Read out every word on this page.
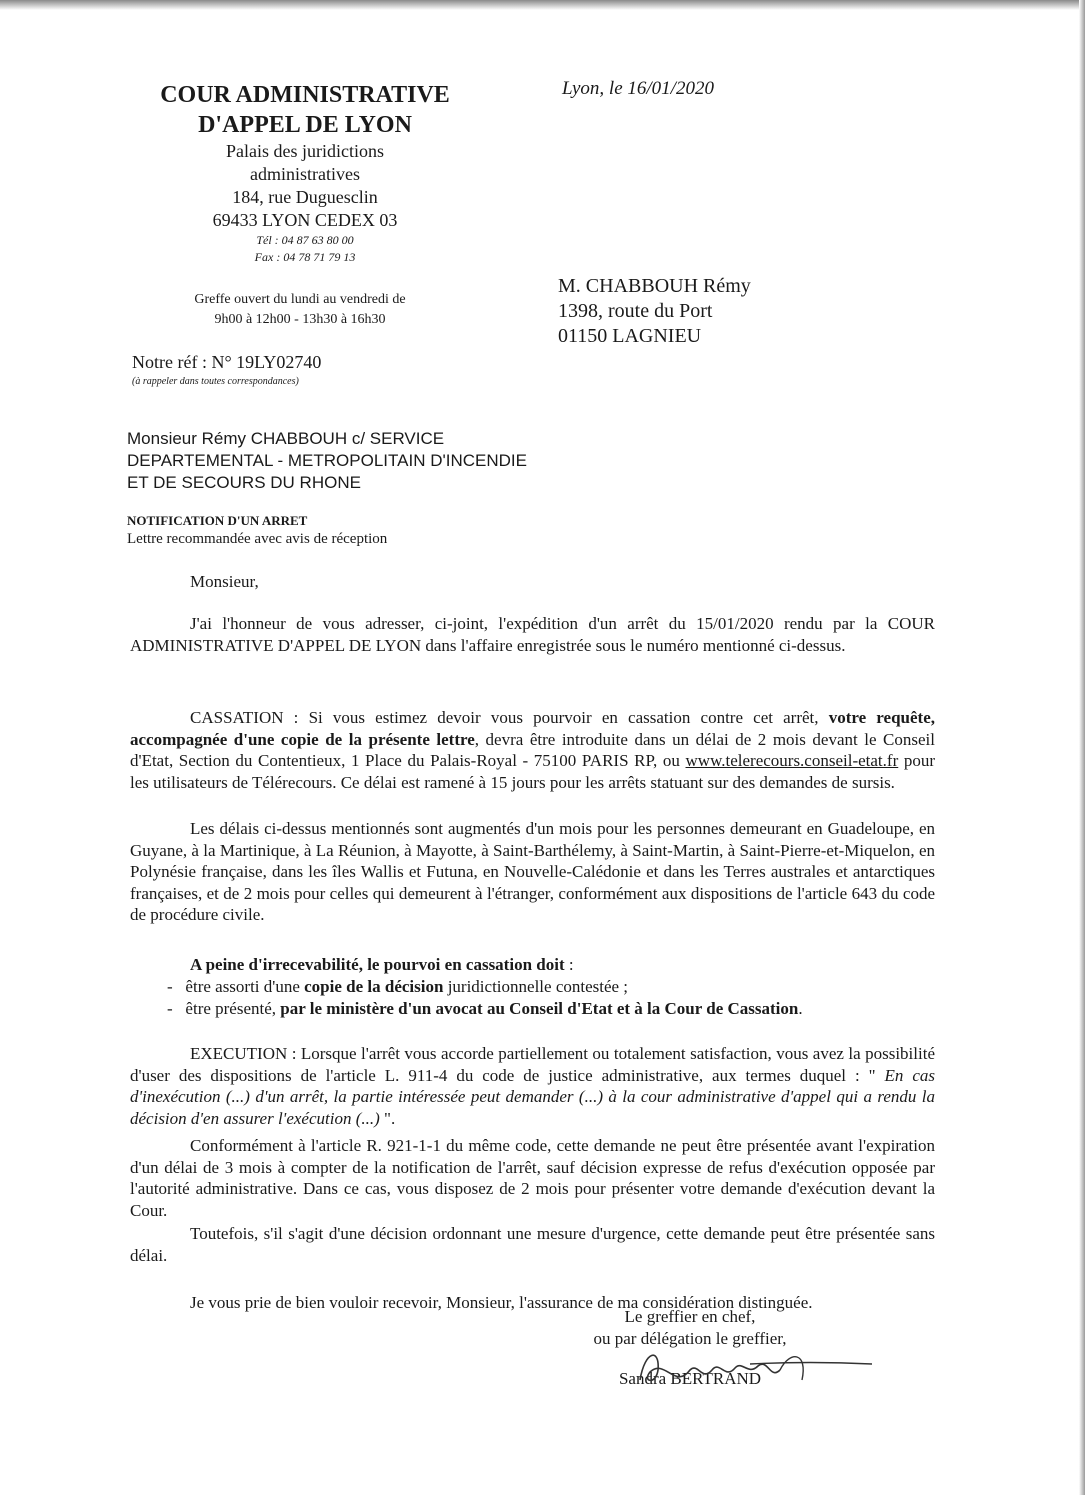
COUR ADMINISTRATIVE
D'APPEL DE LYON
Palais des juridictions
administratives
184, rue Duguesclin
69433 LYON CEDEX 03
Tél : 04 87 63 80 00
Fax : 04 78 71 79 13
Lyon, le 16/01/2020
Greffe ouvert du lundi au vendredi de
9h00 à 12h00 - 13h30 à 16h30
M. CHABBOUH Rémy
1398, route du Port
01150 LAGNIEU
Notre réf : N° 19LY02740
(à rappeler dans toutes correspondances)
Monsieur Rémy CHABBOUH c/ SERVICE
DEPARTEMENTAL - METROPOLITAIN D'INCENDIE
ET DE SECOURS DU RHONE
NOTIFICATION D'UN ARRET
Lettre recommandée avec avis de réception
Monsieur,
J'ai l'honneur de vous adresser, ci-joint, l'expédition d'un arrêt du 15/01/2020 rendu par la COUR ADMINISTRATIVE D'APPEL DE LYON dans l'affaire enregistrée sous le numéro mentionné ci-dessus.
CASSATION : Si vous estimez devoir vous pourvoir en cassation contre cet arrêt, votre requête, accompagnée d'une copie de la présente lettre, devra être introduite dans un délai de 2 mois devant le Conseil d'Etat, Section du Contentieux, 1 Place du Palais-Royal - 75100 PARIS RP, ou www.telerecours.conseil-etat.fr pour les utilisateurs de Télérecours. Ce délai est ramené à 15 jours pour les arrêts statuant sur des demandes de sursis.
Les délais ci-dessus mentionnés sont augmentés d'un mois pour les personnes demeurant en Guadeloupe, en Guyane, à la Martinique, à La Réunion, à Mayotte, à Saint-Barthélemy, à Saint-Martin, à Saint-Pierre-et-Miquelon, en Polynésie française, dans les îles Wallis et Futuna, en Nouvelle-Calédonie et dans les Terres australes et antarctiques françaises, et de 2 mois pour celles qui demeurent à l'étranger, conformément aux dispositions de l'article 643 du code de procédure civile.
A peine d'irrecevabilité, le pourvoi en cassation doit :
-   être assorti d'une copie de la décision juridictionnelle contestée ;
-   être présenté, par le ministère d'un avocat au Conseil d'Etat et à la Cour de Cassation.
EXECUTION : Lorsque l'arrêt vous accorde partiellement ou totalement satisfaction, vous avez la possibilité d'user des dispositions de l'article L. 911-4 du code de justice administrative, aux termes duquel : " En cas d'inexécution (...) d'un arrêt, la partie intéressée peut demander (...) à la cour administrative d'appel qui a rendu la décision d'en assurer l'exécution (...) ".
Conformément à l'article R. 921-1-1 du même code, cette demande ne peut être présentée avant l'expiration d'un délai de 3 mois à compter de la notification de l'arrêt, sauf décision expresse de refus d'exécution opposée par l'autorité administrative. Dans ce cas, vous disposez de 2 mois pour présenter votre demande d'exécution devant la Cour.
Toutefois, s'il s'agit d'une décision ordonnant une mesure d'urgence, cette demande peut être présentée sans délai.
Je vous prie de bien vouloir recevoir, Monsieur, l'assurance de ma considération distinguée.
Le greffier en chef,
ou par délégation le greffier,
Sandra BERTRAND
